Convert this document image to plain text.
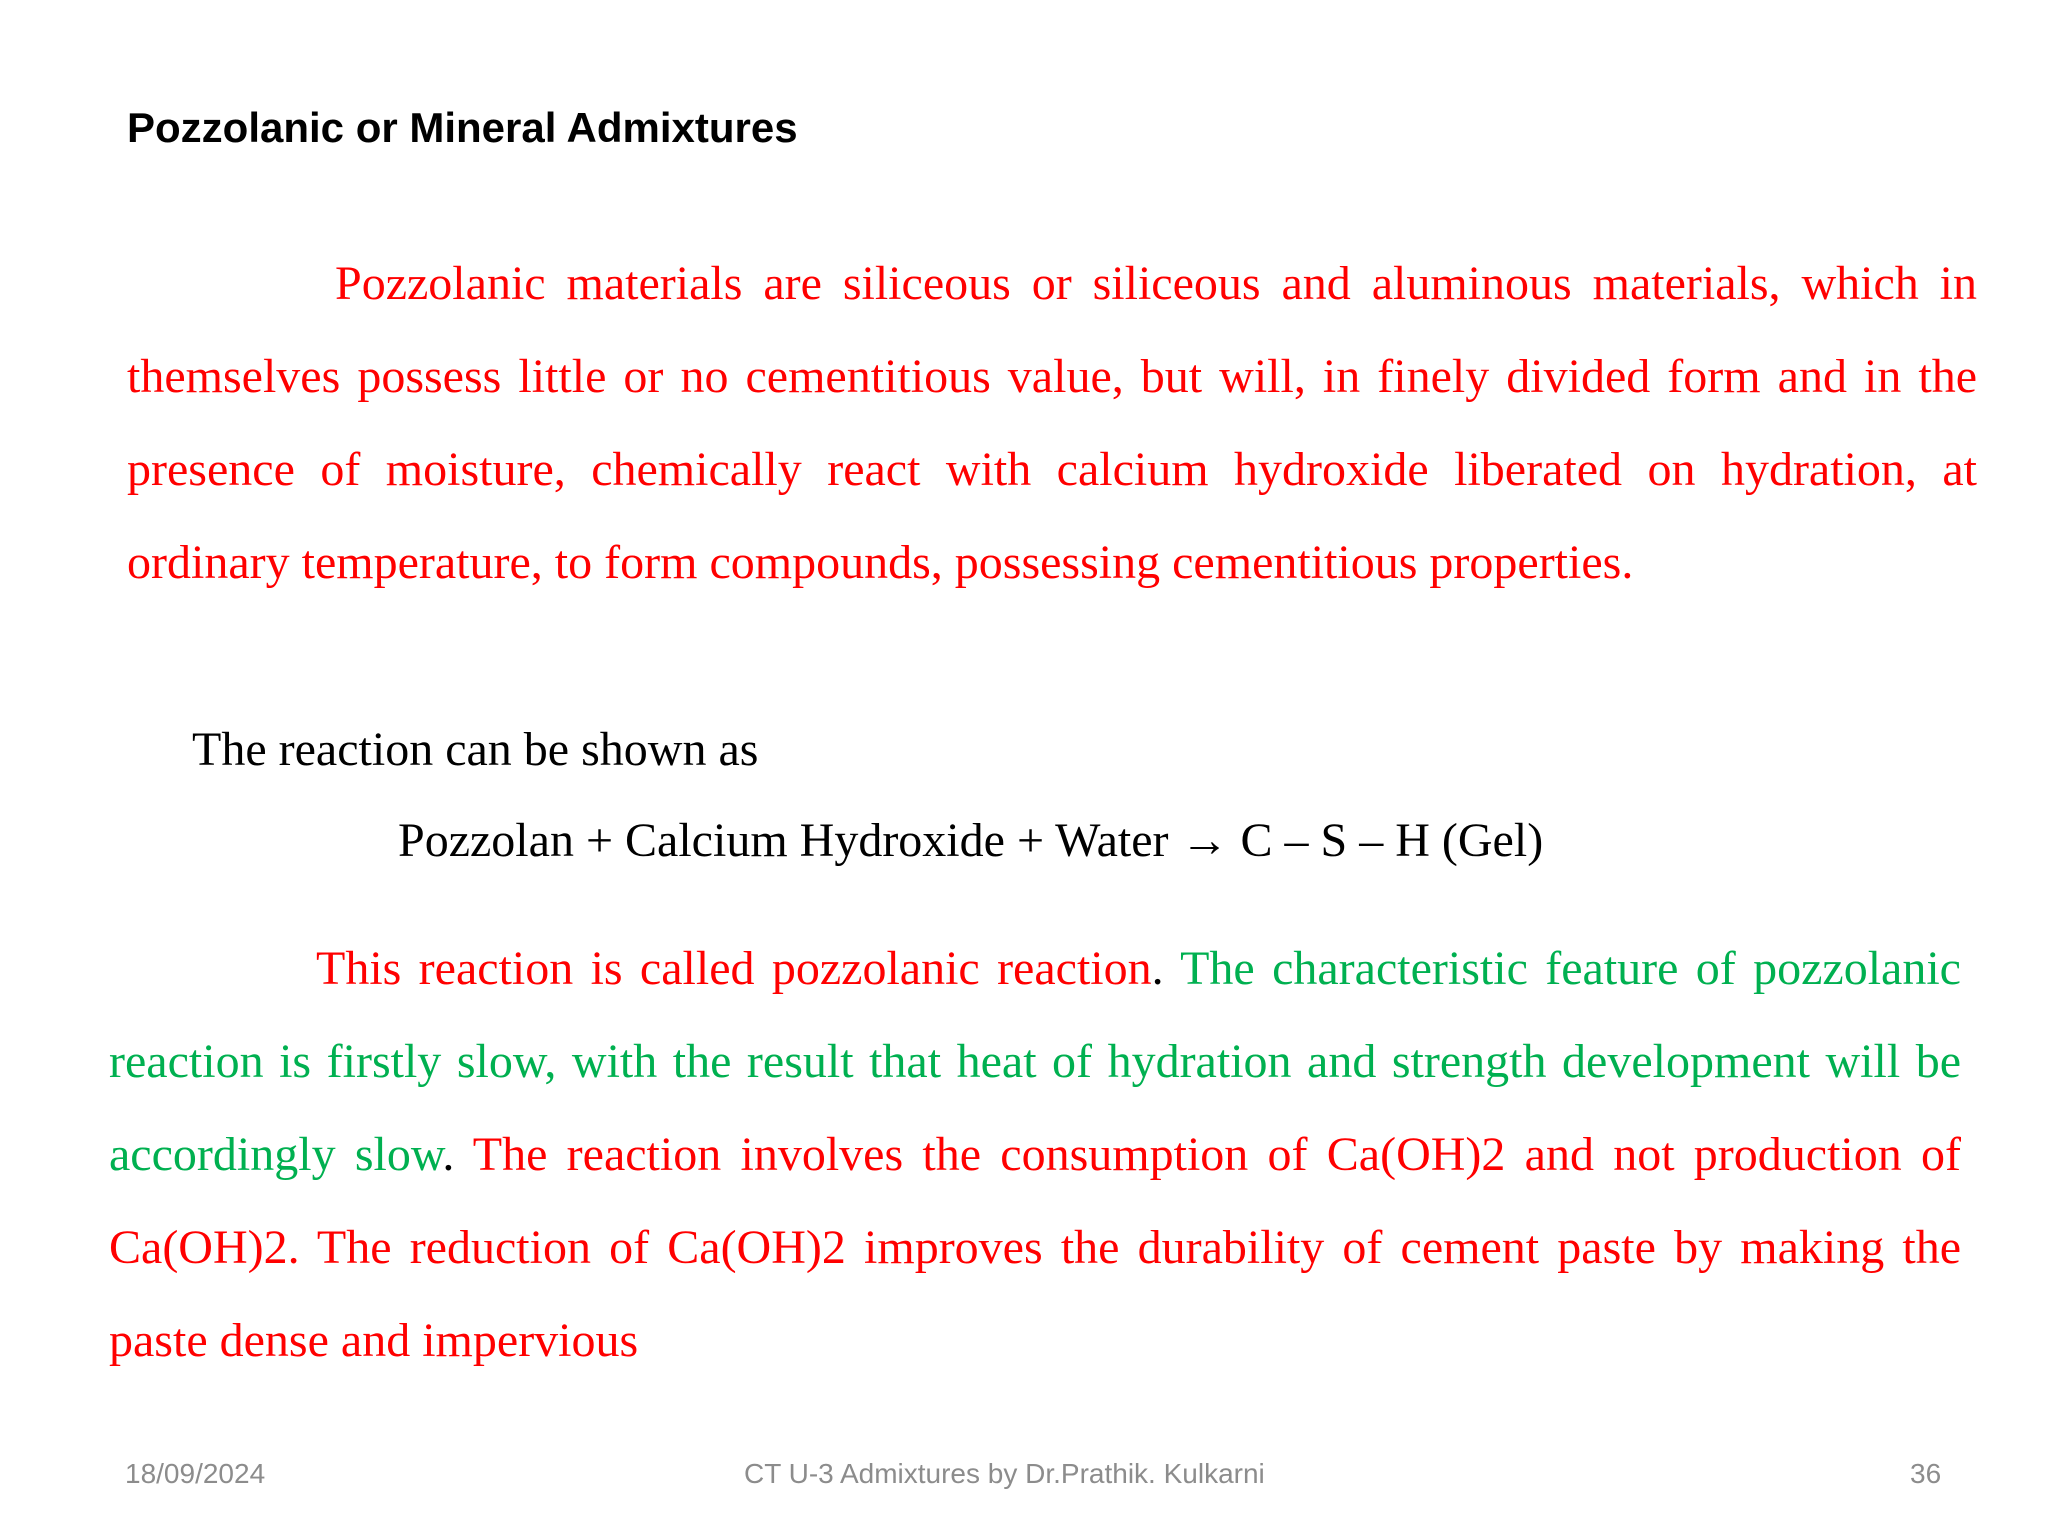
Pozzolanic or Mineral Admixtures

Pozzolanic materials are siliceous or siliceous and aluminous materials, which in themselves possess little or no cementitious value, but will, in finely divided form and in the presence of moisture, chemically react with calcium hydroxide liberated on hydration, at ordinary temperature, to form compounds, possessing cementitious properties.

The reaction can be shown as

Pozzolan + Calcium Hydroxide + Water → C – S – H (Gel)

This reaction is called pozzolanic reaction. The characteristic feature of pozzolanic reaction is firstly slow, with the result that heat of hydration and strength development will be accordingly slow. The reaction involves the consumption of Ca(OH)2 and not production of Ca(OH)2. The reduction of Ca(OH)2 improves the durability of cement paste by making the paste dense and impervious

18/09/2024	CT U-3 Admixtures by Dr.Prathik. Kulkarni	36
